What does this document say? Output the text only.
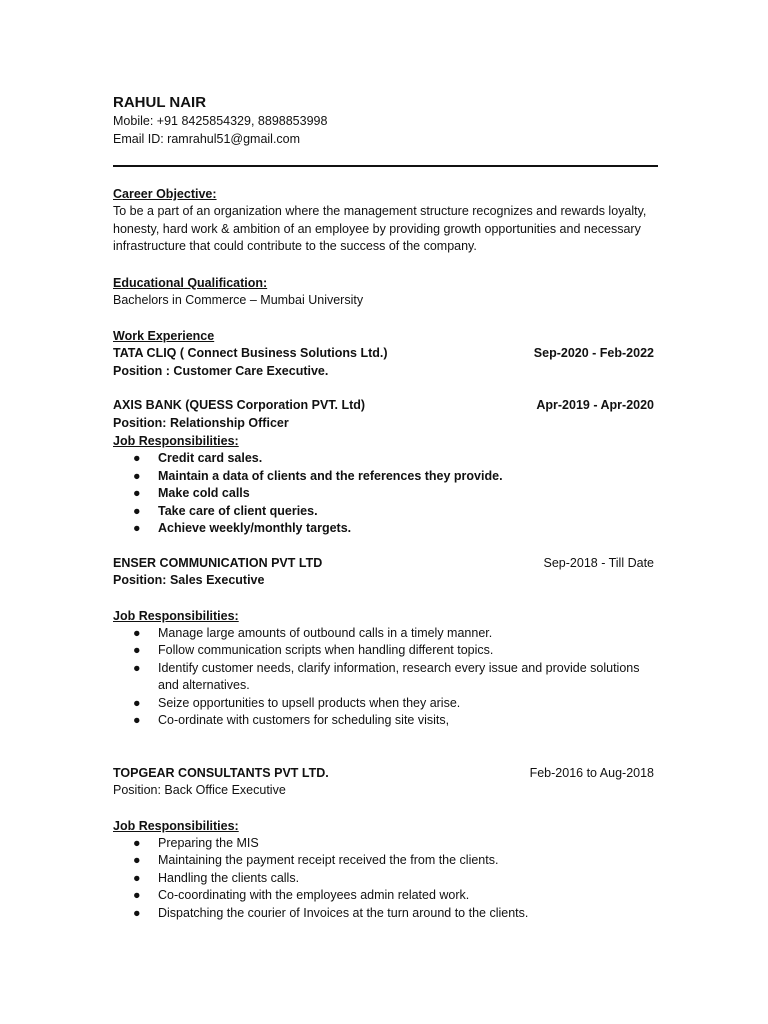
RAHUL NAIR
Mobile: +91 8425854329, 8898853998
Email ID: ramrahul51@gmail.com
Career Objective:
To be a part of an organization where the management structure recognizes and rewards loyalty, honesty, hard work & ambition of an employee by providing growth opportunities and necessary infrastructure that could contribute to the success of the company.
Educational Qualification:
Bachelors in Commerce – Mumbai University
Work Experience
TATA CLIQ ( Connect Business Solutions Ltd.)	Sep-2020 - Feb-2022
Position : Customer Care Executive.
AXIS BANK (QUESS Corporation PVT. Ltd)	Apr-2019 - Apr-2020
Position: Relationship Officer
Job Responsibilities:
●	Credit card sales.
●	Maintain a data of clients and the references they provide.
●	Make cold calls
●	Take care of client queries.
●	Achieve weekly/monthly targets.
ENSER COMMUNICATION PVT LTD	Sep-2018 - Till Date
Position: Sales Executive
Job Responsibilities:
●	Manage large amounts of outbound calls in a timely manner.
●	Follow communication scripts when handling different topics.
●	Identify customer needs, clarify information, research every issue and provide solutions and alternatives.
●	Seize opportunities to upsell products when they arise.
●	Co-ordinate with customers for scheduling site visits,
TOPGEAR CONSULTANTS PVT LTD.	Feb-2016 to Aug-2018
Position: Back Office Executive
Job Responsibilities:
●	Preparing the MIS
●	Maintaining the payment receipt received the from the clients.
●	Handling the clients calls.
●	Co-coordinating with the employees admin related work.
●	Dispatching the courier of Invoices at the turn around to the clients.
